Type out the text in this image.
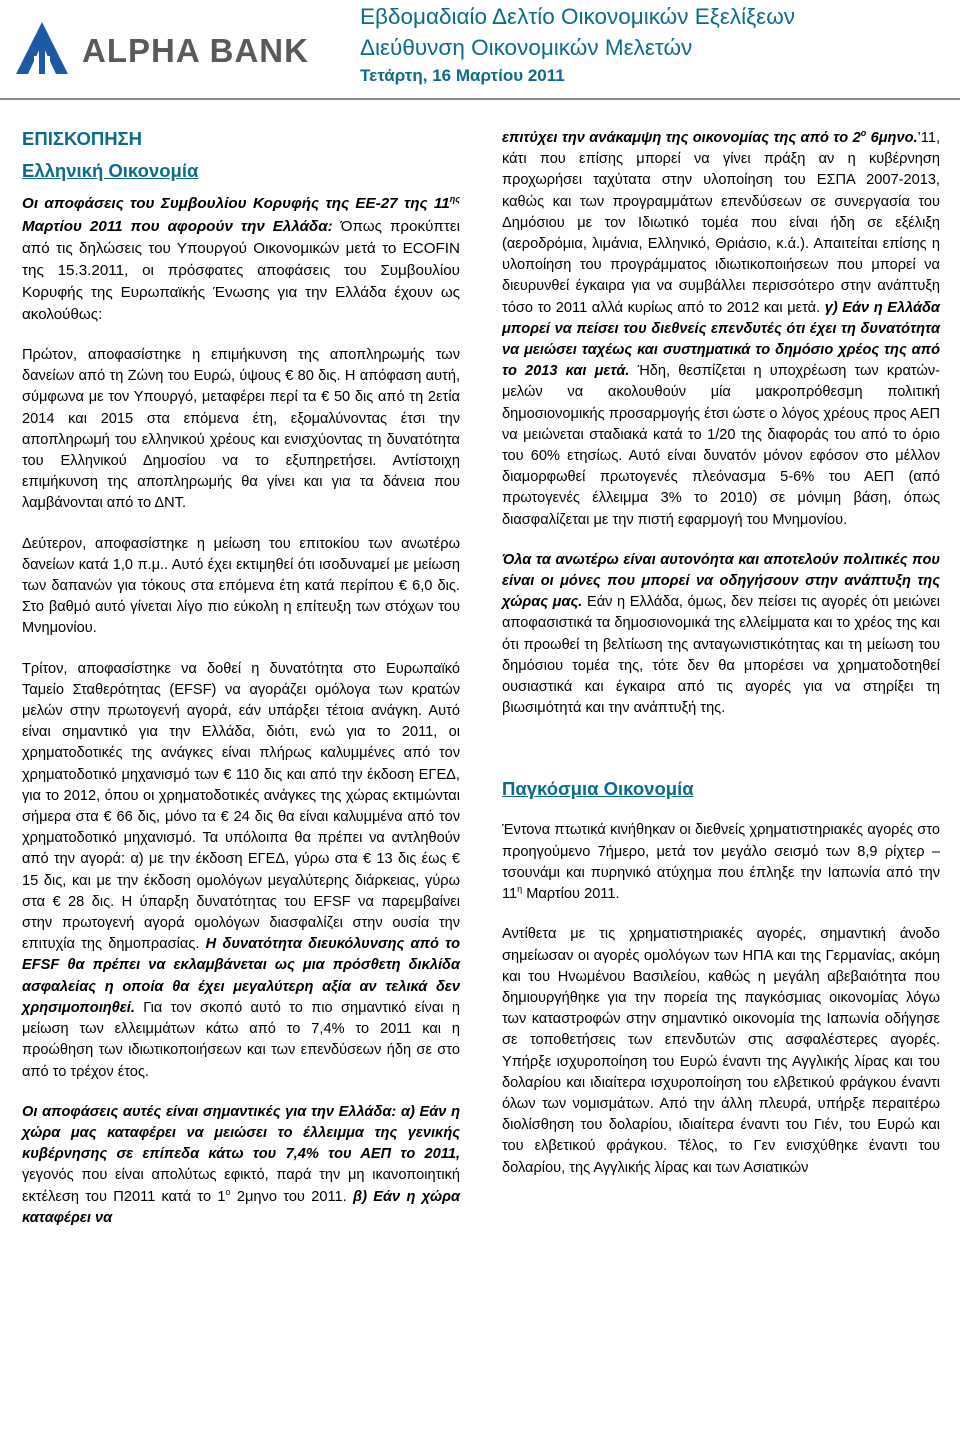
ALPHA BANK
Εβδομαδιαίο Δελτίο Οικονομικών Εξελίξεων
Διεύθυνση Οικονομικών Μελετών
Τετάρτη, 16 Μαρτίου 2011
ΕΠΙΣΚΟΠΗΣΗ
Ελληνική Οικονομία

Οι αποφάσεις του Συμβουλίου Κορυφής της ΕΕ-27 της $11^{\eta\varsigma}$ Μαρτίου 2011 που αφορούν την Ελλάδα: Όπως προκύπτει από τις δηλώσεις του Υπουργού Οικονομικών μετά το ECOFIN της 15.3.2011, οι πρόσφατες αποφάσεις του Συμβουλίου Κορυφής της Ευρωπαϊκής Ένωσης για την Ελλάδα έχουν ως ακολούθως:

Πρώτον, αποφασίστηκε η επιμήκυνση της αποπληρωμής των δανείων από τη Ζώνη του Ευρώ, ύψους € 80 δις. Η απόφαση αυτή, σύμφωνα με τον Υπουργό, μεταφέρει περί τα € 50 δις από τη 2ετία 2014 και 2015 στα επόμενα έτη, εξομαλύνοντας έτσι την αποπληρωμή του ελληνικού χρέους και ενισχύοντας τη δυνατότητα του Ελληνικού Δημοσίου να το εξυπηρετήσει. Αντίστοιχη επιμήκυνση της αποπληρωμής θα γίνει και για τα δάνεια που λαμβάνονται από το ΔΝΤ.

Δεύτερον, αποφασίστηκε η μείωση του επιτοκίου των ανωτέρω δανείων κατά 1,0 π.μ.. Αυτό έχει εκτιμηθεί ότι ισοδυναμεί με μείωση των δαπανών για τόκους στα επόμενα έτη κατά περίπου € 6,0 δις. Στο βαθμό αυτό γίνεται λίγο πιο εύκολη η επίτευξη των στόχων του Μνημονίου.

Τρίτον, αποφασίστηκε να δοθεί η δυνατότητα στο Ευρωπαϊκό Ταμείο Σταθερότητας (EFSF) να αγοράζει ομόλογα των κρατών μελών στην πρωτογενή αγορά, εάν υπάρξει τέτοια ανάγκη. Αυτό είναι σημαντικό για την Ελλάδα, διότι, ενώ για το 2011, οι χρηματοδοτικές της ανάγκες είναι πλήρως καλυμμένες από τον χρηματοδοτικό μηχανισμό των € 110 δις και από την έκδοση ΕΓΕΔ, για το 2012, όπου οι χρηματοδοτικές ανάγκες της χώρας εκτιμώνται σήμερα στα € 66 δις, μόνο τα € 24 δις θα είναι καλυμμένα από τον χρηματοδοτικό μηχανισμό. Τα υπόλοιπα θα πρέπει να αντληθούν από την αγορά: α) με την έκδοση ΕΓΕΔ, γύρω στα € 13 δις έως € 15 δις, και με την έκδοση ομολόγων μεγαλύτερης διάρκειας, γύρω στα € 28 δις. Η ύπαρξη δυνατότητας του EFSF να παρεμβαίνει στην πρωτογενή αγορά ομολόγων διασφαλίζει στην ουσία την επιτυχία της δημοπρασίας. Η δυνατότητα διευκόλυνσης από το EFSF θα πρέπει να εκλαμβάνεται ως μια πρόσθετη δικλίδα ασφαλείας η οποία θα έχει μεγαλύτερη αξία αν τελικά δεν χρησιμοποιηθεί. Για τον σκοπό αυτό το πιο σημαντικό είναι η μείωση των ελλειμμάτων κάτω από το 7,4% το 2011 και η προώθηση των ιδιωτικοποιήσεων και των επενδύσεων ήδη σε στο από το τρέχον έτος.

Οι αποφάσεις αυτές είναι σημαντικές για την Ελλάδα: α) Εάν η χώρα μας καταφέρει να μειώσει το έλλειμμα της γενικής κυβέρνησης σε επίπεδα κάτω του 7,4% του ΑΕΠ το 2011, γεγονός που είναι απολύτως εφικτό, παρά την μη ικανοποιητική εκτέλεση του Π2011 κατά το $1^o$ 2μηνο του 2011. β) Εάν η χώρα καταφέρει να

επιτύχει την ανάκαμψη της οικονομίας της από το $2^o$ 6μηνο.’11, κάτι που επίσης μπορεί να γίνει πράξη αν η κυβέρνηση προχωρήσει ταχύτατα στην υλοποίηση του ΕΣΠΑ 2007-2013, καθώς και των προγραμμάτων επενδύσεων σε συνεργασία του Δημόσιου με τον Ιδιωτικό τομέα που είναι ήδη σε εξέλιξη (αεροδρόμια, λιμάνια, Ελληνικό, Θριάσιο, κ.ά.). Απαιτείται επίσης η υλοποίηση του προγράμματος ιδιωτικοποιήσεων που μπορεί να διευρυνθεί έγκαιρα για να συμβάλλει περισσότερο στην ανάπτυξη τόσο το 2011 αλλά κυρίως από το 2012 και μετά. γ) Εάν η Ελλάδα μπορεί να πείσει του διεθνείς επενδυτές ότι έχει τη δυνατότητα να μειώσει ταχέως και συστηματικά το δημόσιο χρέος της από το 2013 και μετά. Ήδη, θεσπίζεται η υποχρέωση των κρατών-μελών να ακολουθούν μία μακροπρόθεσμη πολιτική δημοσιονομικής προσαρμογής έτσι ώστε ο λόγος χρέους προς ΑΕΠ να μειώνεται σταδιακά κατά το 1/20 της διαφοράς του από το όριο του 60% ετησίως. Αυτό είναι δυνατόν μόνον εφόσον στο μέλλον διαμορφωθεί πρωτογενές πλεόνασμα 5-6% του ΑΕΠ (από πρωτογενές έλλειμμα 3% το 2010) σε μόνιμη βάση, όπως διασφαλίζεται με την πιστή εφαρμογή του Μνημονίου.

Όλα τα ανωτέρω είναι αυτονόητα και αποτελούν πολιτικές που είναι οι μόνες που μπορεί να οδηγήσουν στην ανάπτυξη της χώρας μας. Εάν η Ελλάδα, όμως, δεν πείσει τις αγορές ότι μειώνει αποφασιστικά τα δημοσιονομικά της ελλείμματα και το χρέος της και ότι προωθεί τη βελτίωση της ανταγωνιστικότητας και τη μείωση του δημόσιου τομέα της, τότε δεν θα μπορέσει να χρηματοδοτηθεί ουσιαστικά και έγκαιρα από τις αγορές για να στηρίξει τη βιωσιμότητά και την ανάπτυξή της.

Παγκόσμια Οικονομία

Έντονα πτωτικά κινήθηκαν οι διεθνείς χρηματιστηριακές αγορές στο προηγούμενο 7ήμερο, μετά τον μεγάλο σεισμό των 8,9 ρίχτερ – τσουνάμι και πυρηνικό ατύχημα που έπληξε την Ιαπωνία από την $11^\eta$ Μαρτίου 2011.

Αντίθετα με τις χρηματιστηριακές αγορές, σημαντική άνοδο σημείωσαν οι αγορές ομολόγων των ΗΠΑ και της Γερμανίας, ακόμη και του Ηνωμένου Βασιλείου, καθώς η μεγάλη αβεβαιότητα που δημιουργήθηκε για την πορεία της παγκόσμιας οικονομίας λόγω των καταστροφών στην σημαντικό οικονομία της Ιαπωνία οδήγησε σε τοποθετήσεις των επενδυτών στις ασφαλέστερες αγορές. Υπήρξε ισχυροποίηση του Ευρώ έναντι της Αγγλικής λίρας και του δολαρίου και ιδιαίτερα ισχυροποίηση του ελβετικού φράγκου έναντι όλων των νομισμάτων. Από την άλλη πλευρά, υπήρξε περαιτέρω διολίσθηση του δολαρίου, ιδιαίτερα έναντι του Γιέν, του Ευρώ και του ελβετικού φράγκου. Τέλος, το Γεν ενισχύθηκε έναντι του δολαρίου, της Αγγλικής λίρας και των Ασιατικών
